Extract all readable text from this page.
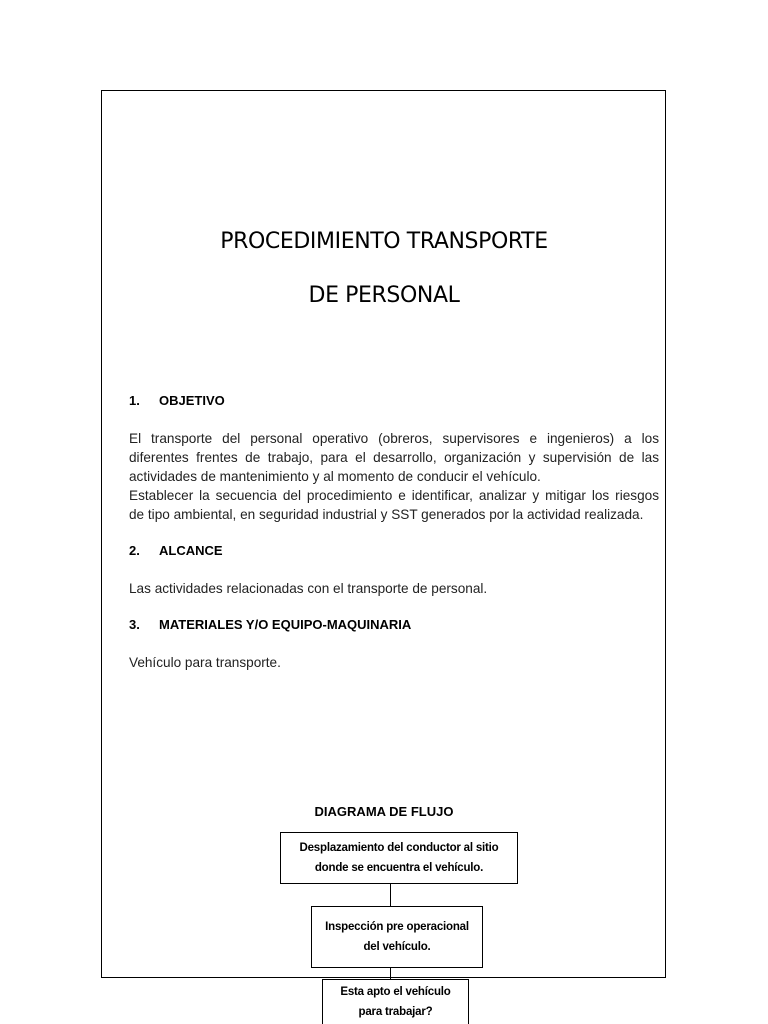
PROCEDIMIENTO TRANSPORTE
DE PERSONAL
1. OBJETIVO
El transporte del personal operativo (obreros, supervisores e ingenieros) a los
diferentes frentes de trabajo, para el desarrollo, organización y supervisión de las
actividades de mantenimiento y al momento de conducir el vehículo.
Establecer la secuencia del procedimiento e identificar, analizar y mitigar los riesgos
de tipo ambiental, en seguridad industrial y SST generados por la actividad realizada.
2. ALCANCE
Las actividades relacionadas con el transporte de personal.
3. MATERIALES Y/O EQUIPO-MAQUINARIA
Vehículo para transporte.
DIAGRAMA DE FLUJO
Desplazamiento del conductor al sitio
donde se encuentra el vehículo.
Inspección pre operacional
del vehículo.
Esta apto el vehículo
para trabajar?
